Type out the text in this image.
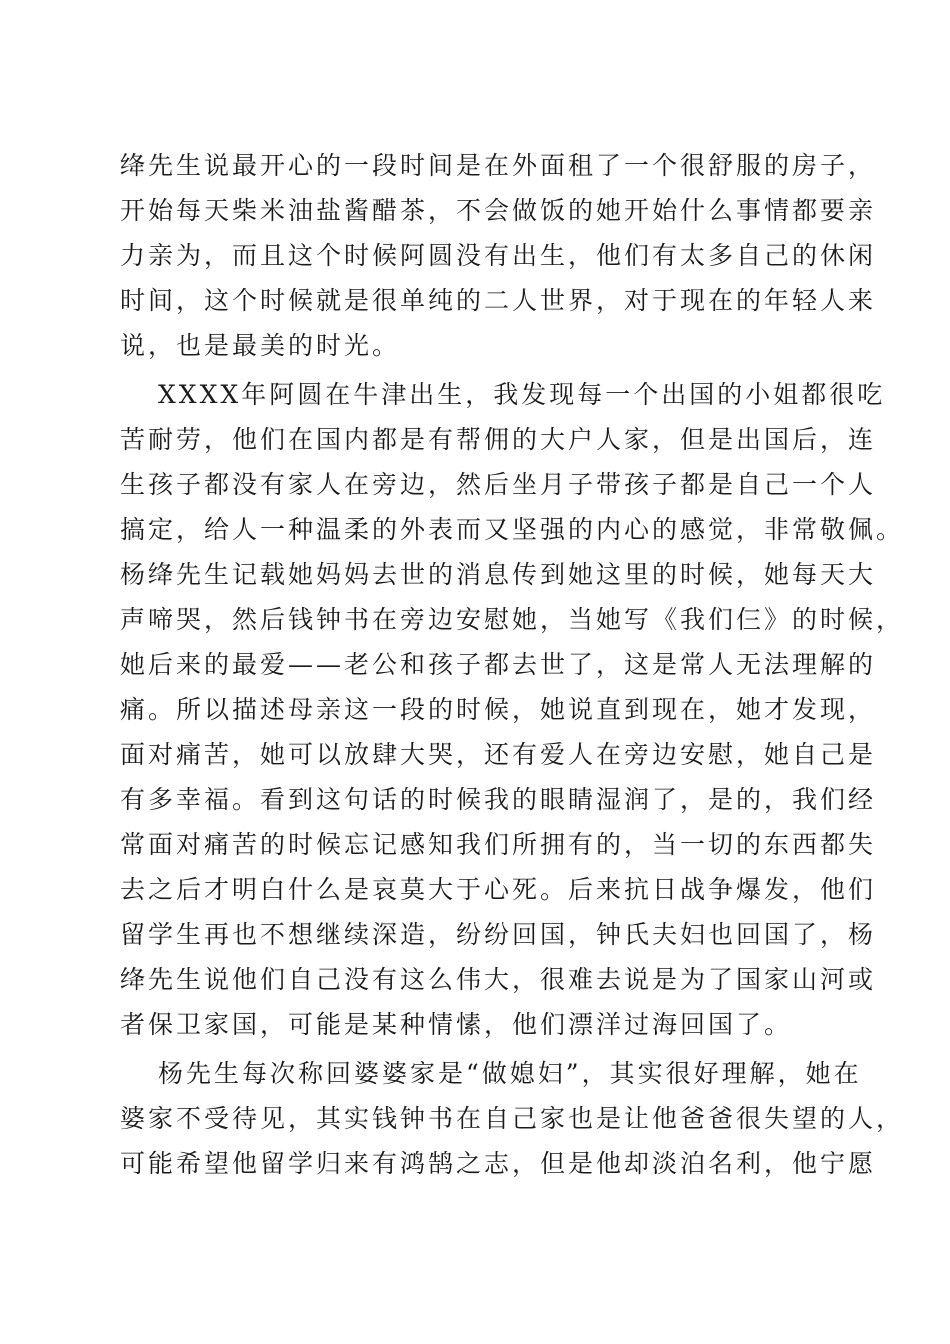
绛先生说最开心的一段时间是在外面租了一个很舒服的房子，
开始每天柴米油盐酱醋茶，不会做饭的她开始什么事情都要亲
力亲为，而且这个时候阿圆没有出生，他们有太多自己的休闲
时间，这个时候就是很单纯的二人世界，对于现在的年轻人来
说，也是最美的时光。
XXXX年阿圆在牛津出生，我发现每一个出国的小姐都很吃
苦耐劳，他们在国内都是有帮佣的大户人家，但是出国后，连
生孩子都没有家人在旁边，然后坐月子带孩子都是自己一个人
搞定，给人一种温柔的外表而又坚强的内心的感觉，非常敬佩。
杨绛先生记载她妈妈去世的消息传到她这里的时候，她每天大
声啼哭，然后钱钟书在旁边安慰她，当她写《我们仨》的时候，
她后来的最爱——老公和孩子都去世了，这是常人无法理解的
痛。所以描述母亲这一段的时候，她说直到现在，她才发现，
面对痛苦，她可以放肆大哭，还有爱人在旁边安慰，她自己是
有多幸福。看到这句话的时候我的眼睛湿润了，是的，我们经
常面对痛苦的时候忘记感知我们所拥有的，当一切的东西都失
去之后才明白什么是哀莫大于心死。后来抗日战争爆发，他们
留学生再也不想继续深造，纷纷回国，钟氏夫妇也回国了，杨
绛先生说他们自己没有这么伟大，很难去说是为了国家山河或
者保卫家国，可能是某种情愫，他们漂洋过海回国了。
杨先生每次称回婆婆家是“做媳妇”，其实很好理解，她在
婆家不受待见，其实钱钟书在自己家也是让他爸爸很失望的人，
可能希望他留学归来有鸿鹄之志，但是他却淡泊名利，他宁愿
